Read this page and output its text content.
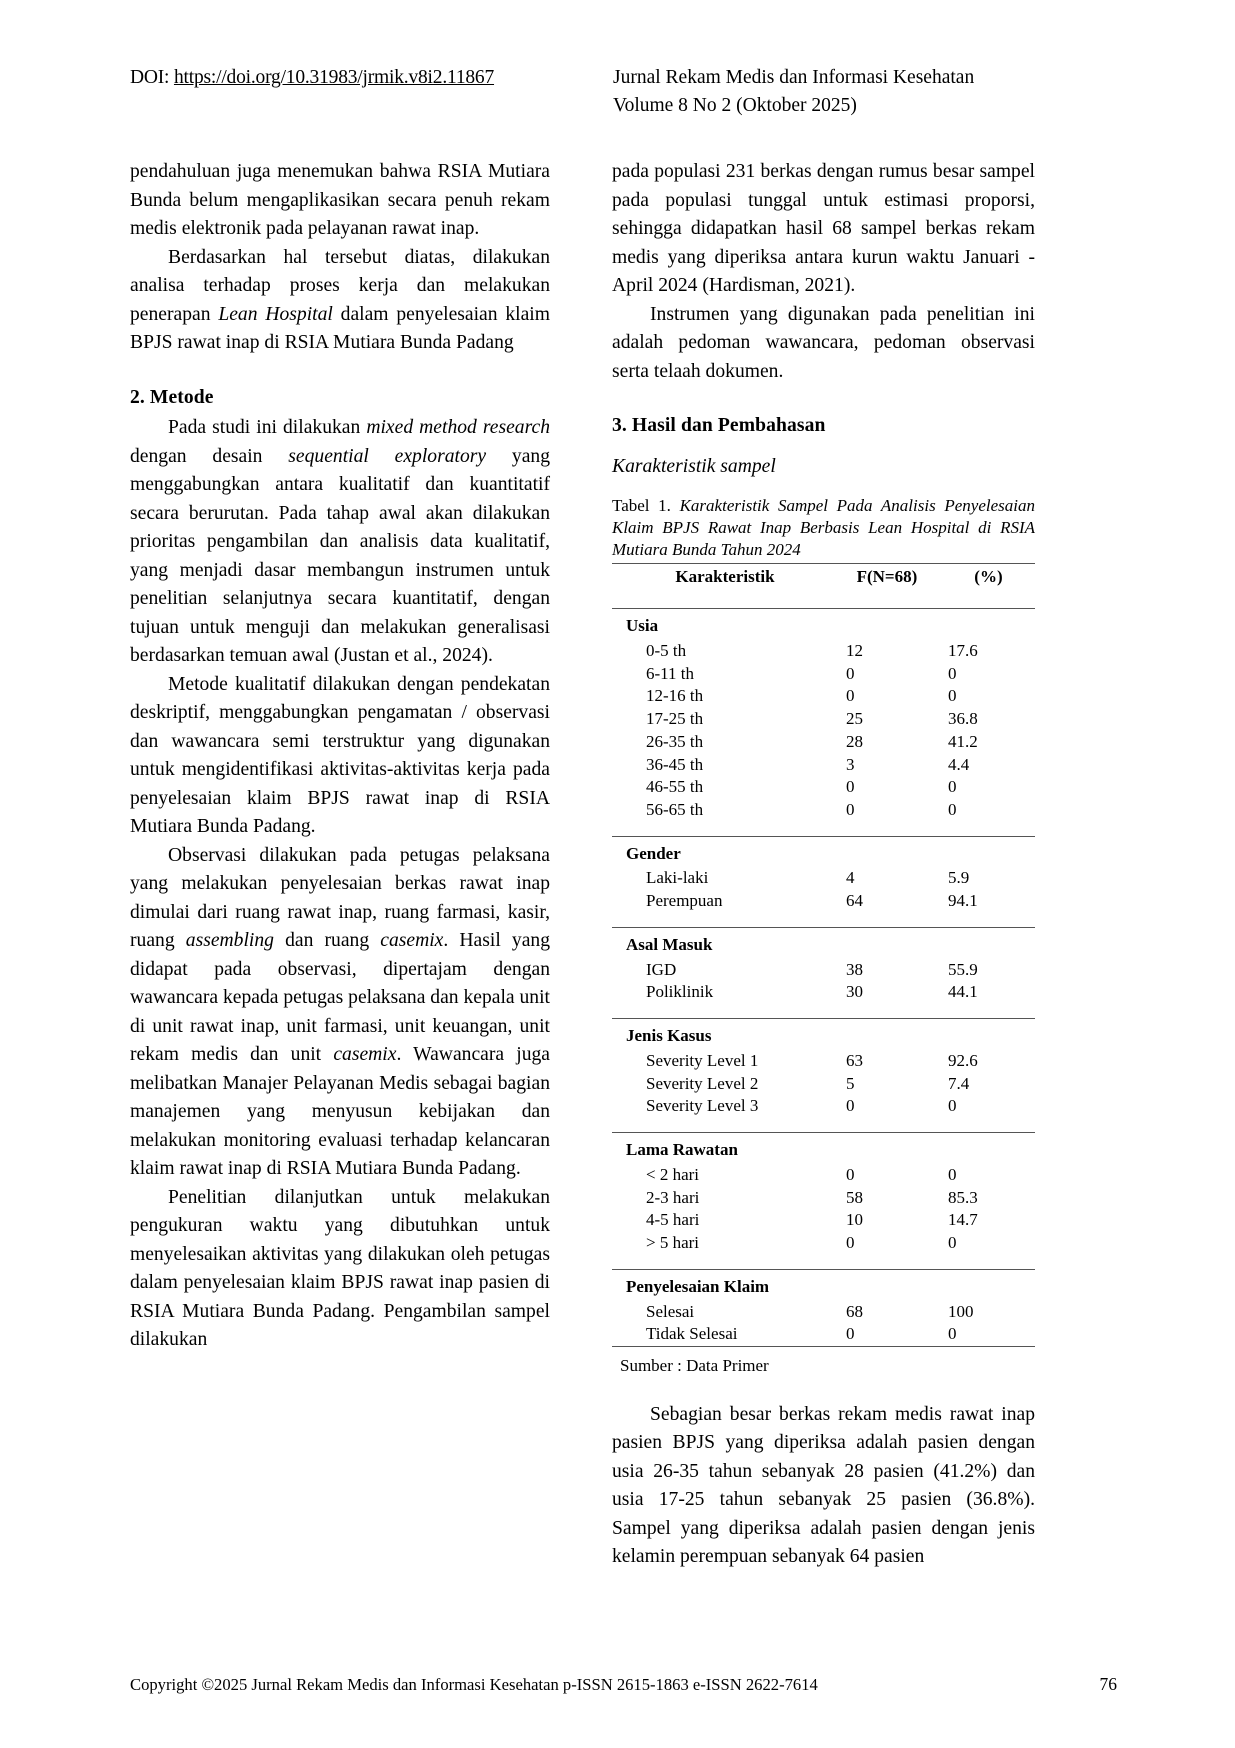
DOI: https://doi.org/10.31983/jrmik.v8i2.11867	Jurnal Rekam Medis dan Informasi Kesehatan
Volume 8 No 2 (Oktober 2025)

pendahuluan juga menemukan bahwa RSIA Mutiara Bunda belum mengaplikasikan secara penuh rekam medis elektronik pada pelayanan rawat inap.

Berdasarkan hal tersebut diatas, dilakukan analisa terhadap proses kerja dan melakukan penerapan Lean Hospital dalam penyelesaian klaim BPJS rawat inap di RSIA Mutiara Bunda Padang

2. Metode

Pada studi ini dilakukan mixed method research dengan desain sequential exploratory yang menggabungkan antara kualitatif dan kuantitatif secara berurutan. Pada tahap awal akan dilakukan prioritas pengambilan dan analisis data kualitatif, yang menjadi dasar membangun instrumen untuk penelitian selanjutnya secara kuantitatif, dengan tujuan untuk menguji dan melakukan generalisasi berdasarkan temuan awal (Justan et al., 2024).

Metode kualitatif dilakukan dengan pendekatan deskriptif, menggabungkan pengamatan / observasi dan wawancara semi terstruktur yang digunakan untuk mengidentifikasi aktivitas-aktivitas kerja pada penyelesaian klaim BPJS rawat inap di RSIA Mutiara Bunda Padang.

Observasi dilakukan pada petugas pelaksana yang melakukan penyelesaian berkas rawat inap dimulai dari ruang rawat inap, ruang farmasi, kasir, ruang assembling dan ruang casemix. Hasil yang didapat pada observasi, dipertajam dengan wawancara kepada petugas pelaksana dan kepala unit di unit rawat inap, unit farmasi, unit keuangan, unit rekam medis dan unit casemix. Wawancara juga melibatkan Manajer Pelayanan Medis sebagai bagian manajemen yang menyusun kebijakan dan melakukan monitoring evaluasi terhadap kelancaran klaim rawat inap di RSIA Mutiara Bunda Padang.

Penelitian dilanjutkan untuk melakukan pengukuran waktu yang dibutuhkan untuk menyelesaikan aktivitas yang dilakukan oleh petugas dalam penyelesaian klaim BPJS rawat inap pasien di RSIA Mutiara Bunda Padang. Pengambilan sampel dilakukan

pada populasi 231 berkas dengan rumus besar sampel pada populasi tunggal untuk estimasi proporsi, sehingga didapatkan hasil 68 sampel berkas rekam medis yang diperiksa antara kurun waktu Januari - April 2024 (Hardisman, 2021).

Instrumen yang digunakan pada penelitian ini adalah pedoman wawancara, pedoman observasi serta telaah dokumen.

3. Hasil dan Pembahasan
Karakteristik sampel

Tabel 1. Karakteristik Sampel Pada Analisis Penyelesaian Klaim BPJS Rawat Inap Berbasis Lean Hospital di RSIA Mutiara Bunda Tahun 2024

Karakteristik	F(N=68)	(%)

Usia		
0-5 th	12	17.6
6-11 th	0	0
12-16 th	0	0
17-25 th	25	36.8
26-35 th	28	41.2
36-45 th	3	4.4
46-55 th	0	0
56-65 th	0	0

Gender		
Laki-laki	4	5.9
Perempuan	64	94.1

Asal Masuk		
IGD	38	55.9
Poliklinik	30	44.1

Jenis Kasus		
Severity Level 1	63	92.6
Severity Level 2	5	7.4
Severity Level 3	0	0

Lama Rawatan		
< 2 hari	0	0
2-3 hari	58	85.3
4-5 hari	10	14.7
> 5 hari	0	0

Penyelesaian Klaim		
Selesai	68	100
Tidak Selesai	0	0

Sumber : Data Primer

Sebagian besar berkas rekam medis rawat inap pasien BPJS yang diperiksa adalah pasien dengan usia 26-35 tahun sebanyak 28 pasien (41.2%) dan usia 17-25 tahun sebanyak 25 pasien (36.8%). Sampel yang diperiksa adalah pasien dengan jenis kelamin perempuan sebanyak 64 pasien

Copyright ©2025 Jurnal Rekam Medis dan Informasi Kesehatan p-ISSN 2615-1863 e-ISSN 2622-7614	76
